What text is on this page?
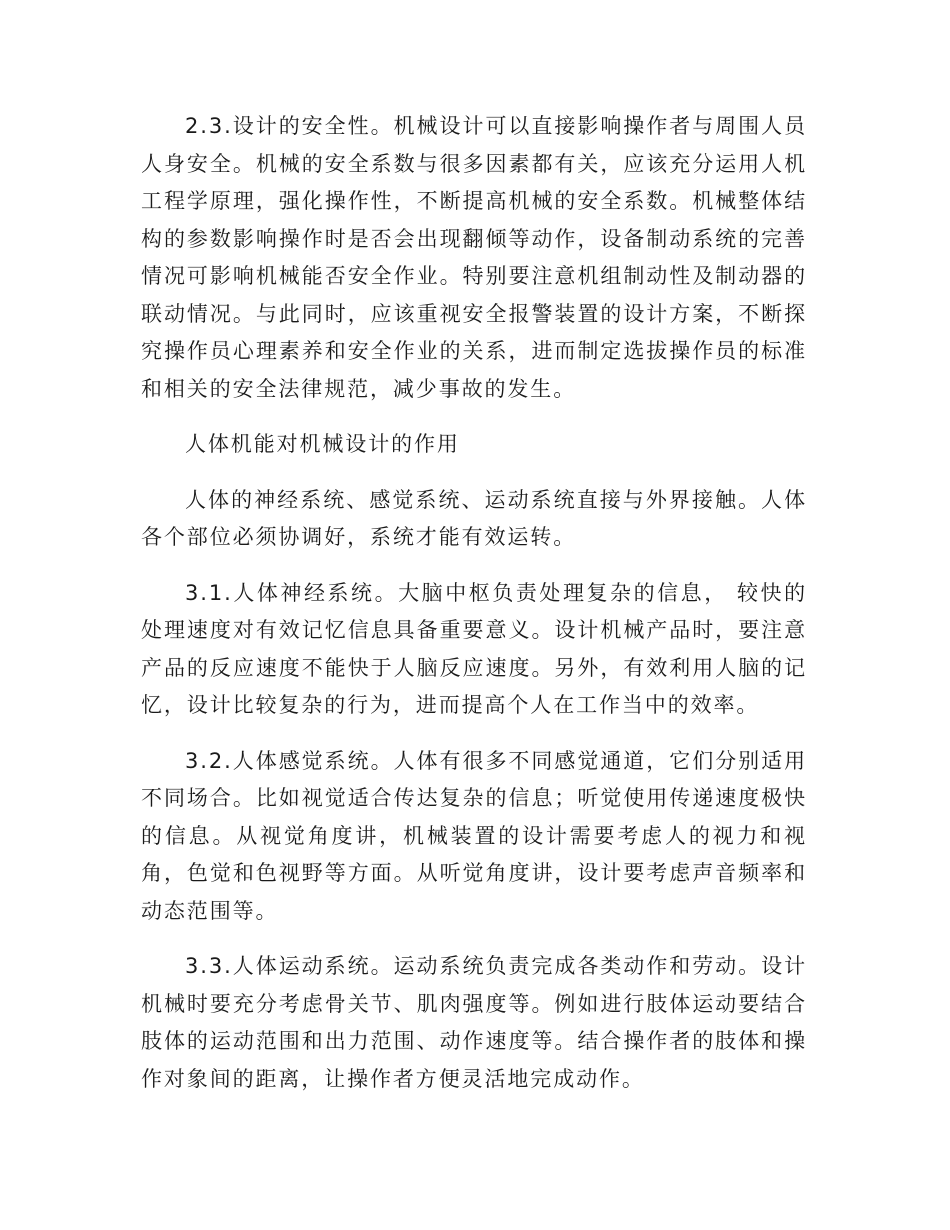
2.3.设计的安全性。机械设计可以直接影响操作者与周围人员人身安全。机械的安全系数与很多因素都有关，应该充分运用人机工程学原理，强化操作性，不断提高机械的安全系数。机械整体结构的参数影响操作时是否会出现翻倾等动作，设备制动系统的完善情况可影响机械能否安全作业。特别要注意机组制动性及制动器的联动情况。与此同时，应该重视安全报警装置的设计方案，不断探究操作员心理素养和安全作业的关系，进而制定选拔操作员的标准和相关的安全法律规范，减少事故的发生。

人体机能对机械设计的作用

人体的神经系统、感觉系统、运动系统直接与外界接触。人体各个部位必须协调好，系统才能有效运转。

3.1.人体神经系统。大脑中枢负责处理复杂的信息， 较快的处理速度对有效记忆信息具备重要意义。设计机械产品时，要注意产品的反应速度不能快于人脑反应速度。另外，有效利用人脑的记忆，设计比较复杂的行为，进而提高个人在工作当中的效率。

3.2.人体感觉系统。人体有很多不同感觉通道，它们分别适用不同场合。比如视觉适合传达复杂的信息；听觉使用传递速度极快的信息。从视觉角度讲，机械装置的设计需要考虑人的视力和视角，色觉和色视野等方面。从听觉角度讲，设计要考虑声音频率和动态范围等。

3.3.人体运动系统。运动系统负责完成各类动作和劳动。设计机械时要充分考虑骨关节、肌肉强度等。例如进行肢体运动要结合肢体的运动范围和出力范围、动作速度等。结合操作者的肢体和操作对象间的距离，让操作者方便灵活地完成动作。
